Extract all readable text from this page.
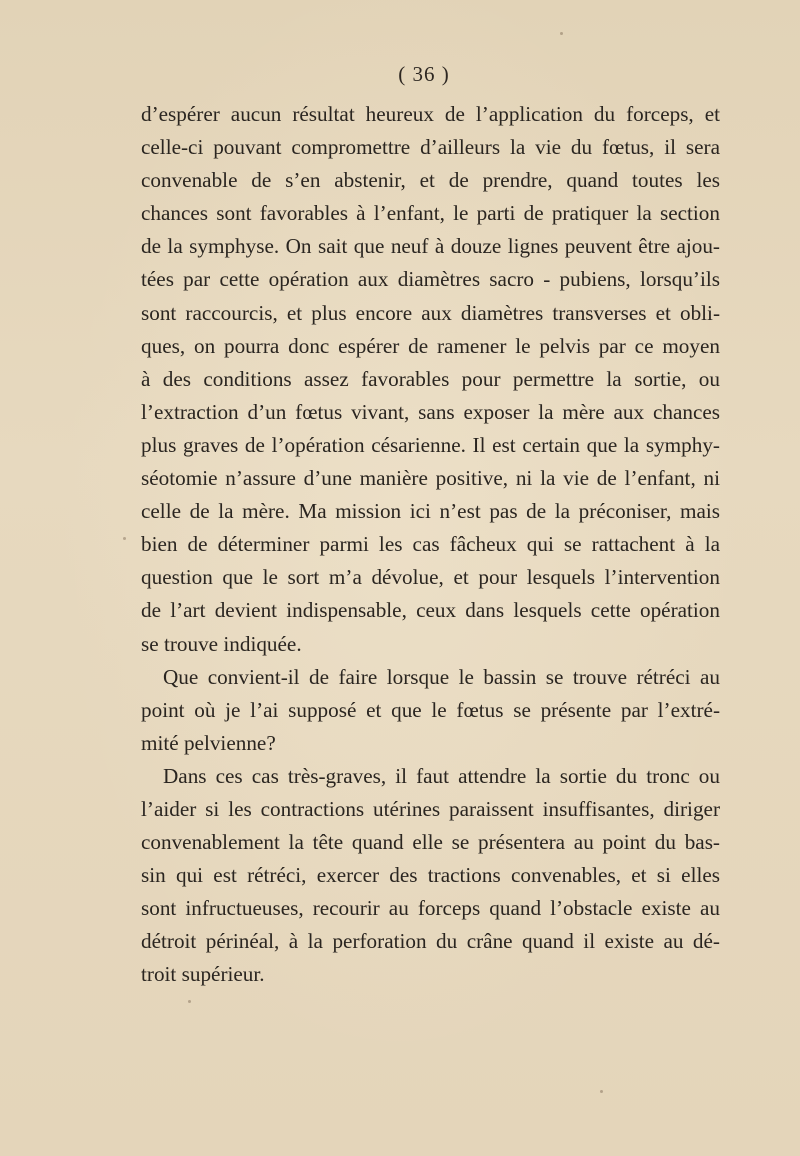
( 36 )
d’espérer aucun résultat heureux de l’application du forceps, et
celle-ci pouvant compromettre d’ailleurs la vie du fœtus, il sera
convenable de s’en abstenir, et de prendre, quand toutes les
chances sont favorables à l’enfant, le parti de pratiquer la section
de la symphyse. On sait que neuf à douze lignes peuvent être ajou-
tées par cette opération aux diamètres sacro - pubiens, lorsqu’ils
sont raccourcis, et plus encore aux diamètres transverses et obli-
ques, on pourra donc espérer de ramener le pelvis par ce moyen
à des conditions assez favorables pour permettre la sortie, ou
l’extraction d’un fœtus vivant, sans exposer la mère aux chances
plus graves de l’opération césarienne. Il est certain que la symphy-
séotomie n’assure d’une manière positive, ni la vie de l’enfant, ni
celle de la mère. Ma mission ici n’est pas de la préconiser, mais
bien de déterminer parmi les cas fâcheux qui se rattachent à la
question que le sort m’a dévolue, et pour lesquels l’intervention
de l’art devient indispensable, ceux dans lesquels cette opération
se trouve indiquée.
Que convient-il de faire lorsque le bassin se trouve rétréci au
point où je l’ai supposé et que le fœtus se présente par l’extré-
mité pelvienne?
Dans ces cas très-graves, il faut attendre la sortie du tronc ou
l’aider si les contractions utérines paraissent insuffisantes, diriger
convenablement la tête quand elle se présentera au point du bas-
sin qui est rétréci, exercer des tractions convenables, et si elles
sont infructueuses, recourir au forceps quand l’obstacle existe au
détroit périnéal, à la perforation du crâne quand il existe au dé-
troit supérieur.
